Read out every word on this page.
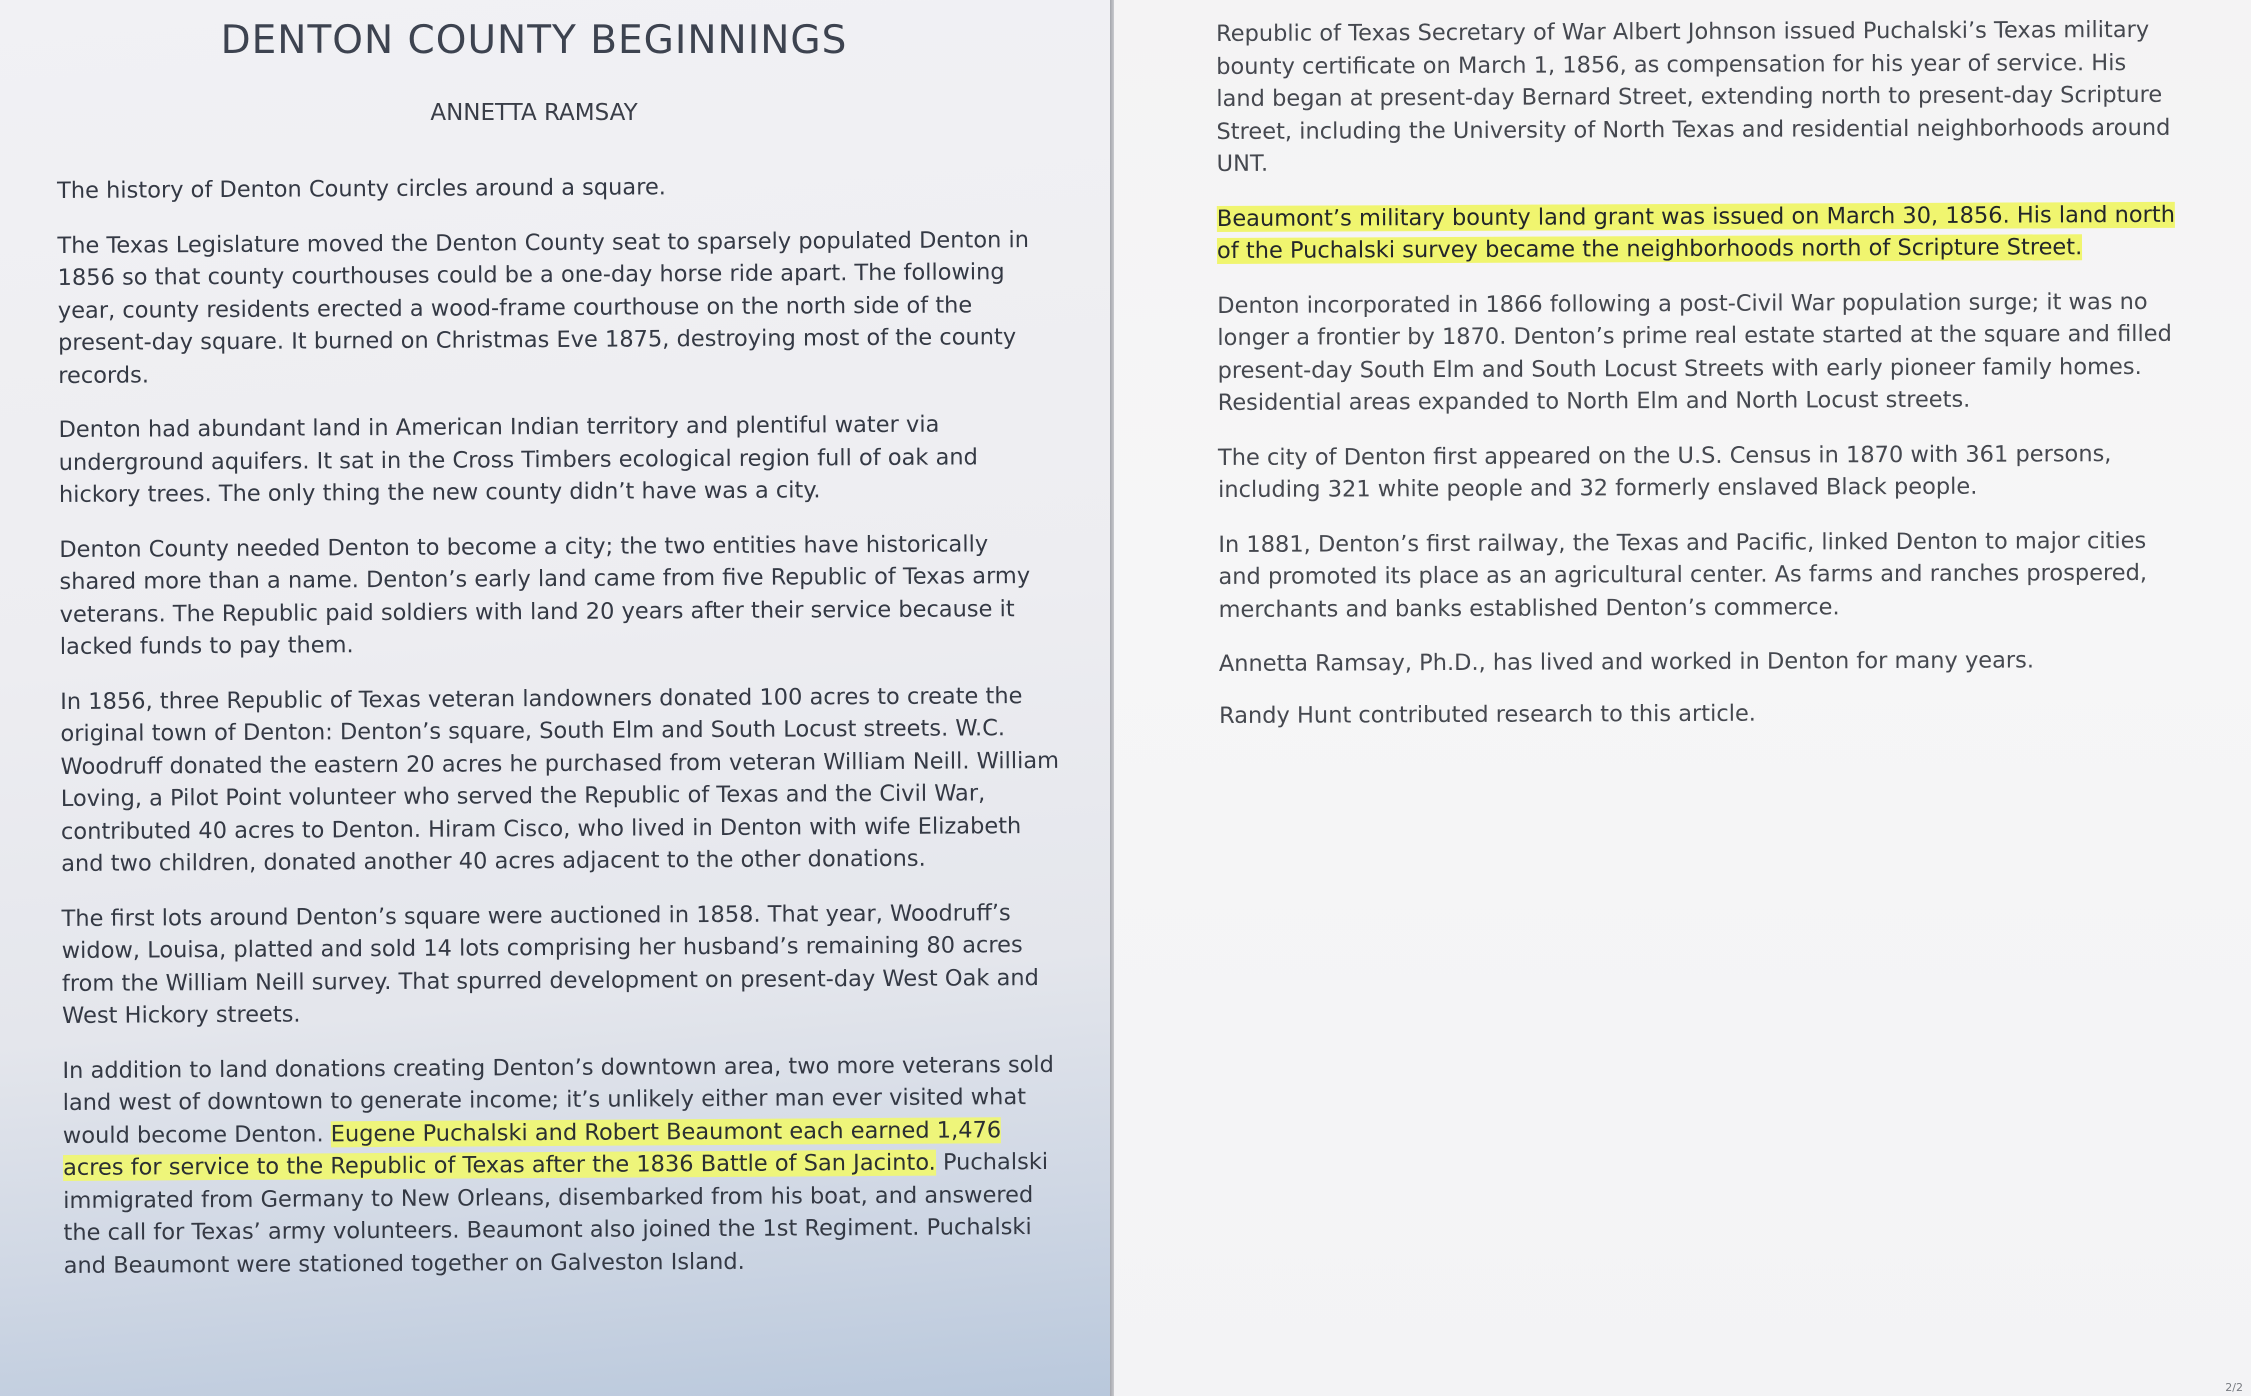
DENTON COUNTY BEGINNINGS
ANNETTA RAMSAY

The history of Denton County circles around a square.

The Texas Legislature moved the Denton County seat to sparsely populated Denton in 1856 so that county courthouses could be a one-day horse ride apart. The following year, county residents erected a wood-frame courthouse on the north side of the present-day square. It burned on Christmas Eve 1875, destroying most of the county records.

Denton had abundant land in American Indian territory and plentiful water via underground aquifers. It sat in the Cross Timbers ecological region full of oak and hickory trees. The only thing the new county didn’t have was a city.

Denton County needed Denton to become a city; the two entities have historically shared more than a name. Denton’s early land came from five Republic of Texas army veterans. The Republic paid soldiers with land 20 years after their service because it lacked funds to pay them.

In 1856, three Republic of Texas veteran landowners donated 100 acres to create the original town of Denton: Denton’s square, South Elm and South Locust streets. W.C. Woodruff donated the eastern 20 acres he purchased from veteran William Neill. William Loving, a Pilot Point volunteer who served the Republic of Texas and the Civil War, contributed 40 acres to Denton. Hiram Cisco, who lived in Denton with wife Elizabeth and two children, donated another 40 acres adjacent to the other donations.

The first lots around Denton’s square were auctioned in 1858. That year, Woodruff’s widow, Louisa, platted and sold 14 lots comprising her husband’s remaining 80 acres from the William Neill survey. That spurred development on present-day West Oak and West Hickory streets.

In addition to land donations creating Denton’s downtown area, two more veterans sold land west of downtown to generate income; it’s unlikely either man ever visited what would become Denton. Eugene Puchalski and Robert Beaumont each earned 1,476 acres for service to the Republic of Texas after the 1836 Battle of San Jacinto. Puchalski immigrated from Germany to New Orleans, disembarked from his boat, and answered the call for Texas’ army volunteers. Beaumont also joined the 1st Regiment. Puchalski and Beaumont were stationed together on Galveston Island.

2/2

Republic of Texas Secretary of War Albert Johnson issued Puchalski’s Texas military bounty certificate on March 1, 1856, as compensation for his year of service. His land began at present-day Bernard Street, extending north to present-day Scripture Street, including the University of North Texas and residential neighborhoods around UNT.

Beaumont’s military bounty land grant was issued on March 30, 1856. His land north of the Puchalski survey became the neighborhoods north of Scripture Street.

Denton incorporated in 1866 following a post-Civil War population surge; it was no longer a frontier by 1870. Denton’s prime real estate started at the square and filled present-day South Elm and South Locust Streets with early pioneer family homes. Residential areas expanded to North Elm and North Locust streets.

The city of Denton first appeared on the U.S. Census in 1870 with 361 persons, including 321 white people and 32 formerly enslaved Black people.

In 1881, Denton’s first railway, the Texas and Pacific, linked Denton to major cities and promoted its place as an agricultural center. As farms and ranches prospered, merchants and banks established Denton’s commerce.

Annetta Ramsay, Ph.D., has lived and worked in Denton for many years.

Randy Hunt contributed research to this article.
